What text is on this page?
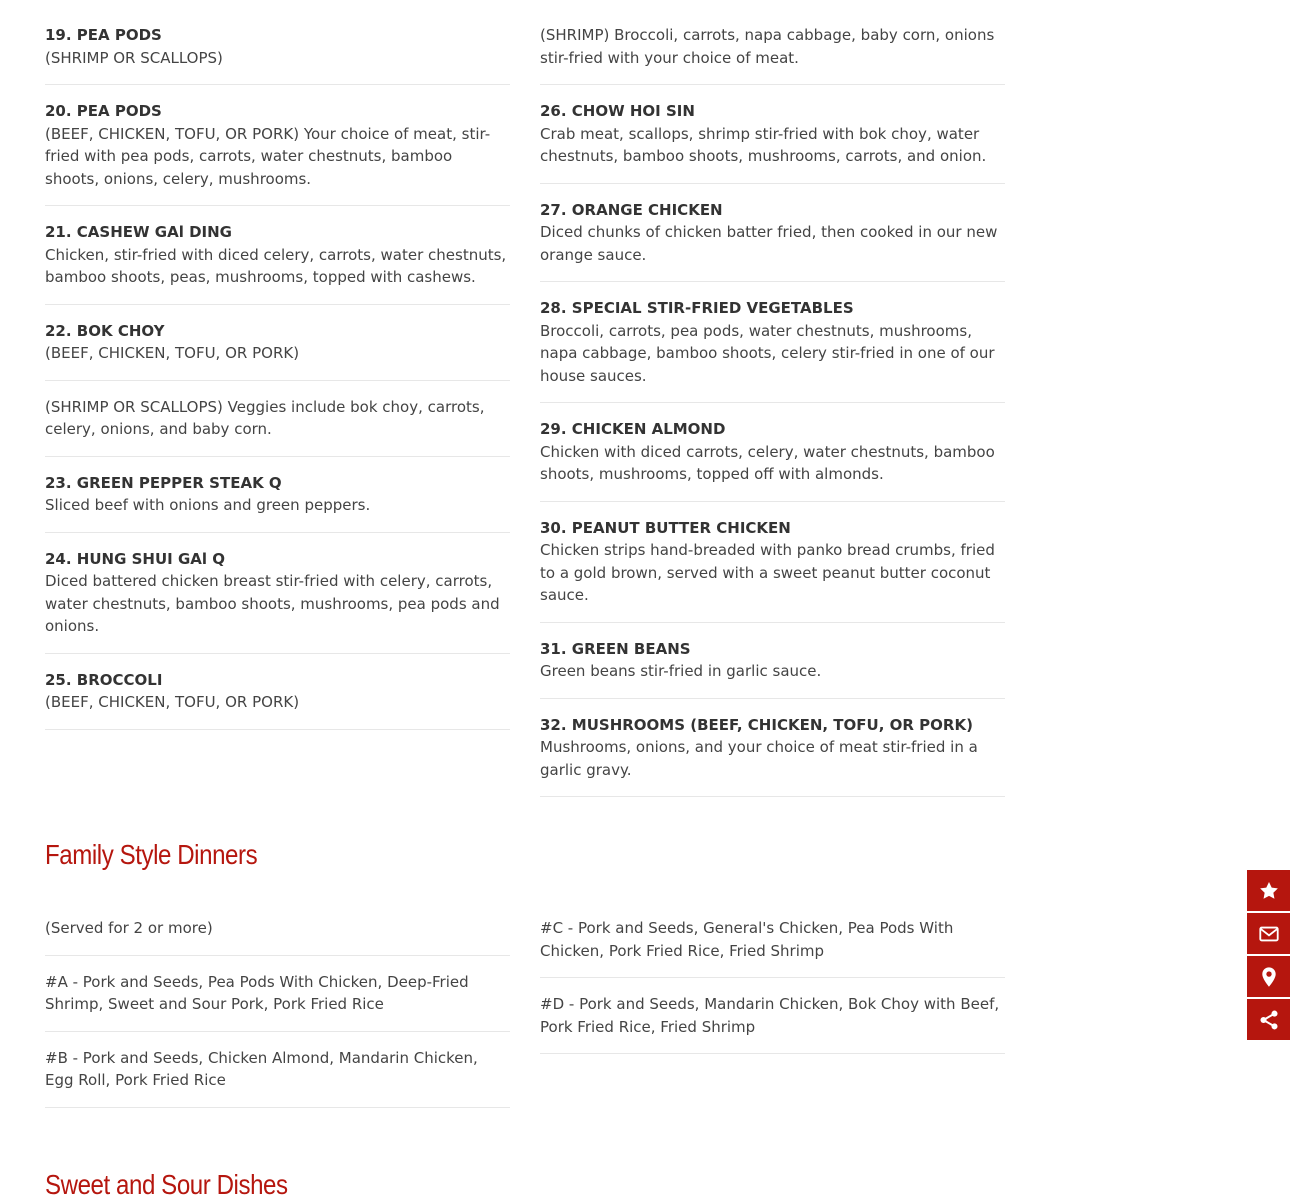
19. PEA PODS
(SHRIMP OR SCALLOPS)
20. PEA PODS
(BEEF, CHICKEN, TOFU, OR PORK) Your choice of meat, stir-fried with pea pods, carrots, water chestnuts, bamboo shoots, onions, celery, mushrooms.
21. CASHEW GAl DING
Chicken, stir-fried with diced celery, carrots, water chestnuts, bamboo shoots, peas, mushrooms, topped with cashews.
22. BOK CHOY
(BEEF, CHICKEN, TOFU, OR PORK)
(SHRIMP OR SCALLOPS) Veggies include bok choy, carrots, celery, onions, and baby corn.
23. GREEN PEPPER STEAK Q
Sliced beef with onions and green peppers.
24. HUNG SHUI GAl Q
Diced battered chicken breast stir-fried with celery, carrots, water chestnuts, bamboo shoots, mushrooms, pea pods and onions.
25. BROCCOLI
(BEEF, CHICKEN, TOFU, OR PORK)
(SHRIMP) Broccoli, carrots, napa cabbage, baby corn, onions stir-fried with your choice of meat.
26. CHOW HOI SIN
Crab meat, scallops, shrimp stir-fried with bok choy, water chestnuts, bamboo shoots, mushrooms, carrots, and onion.
27. ORANGE CHICKEN
Diced chunks of chicken batter fried, then cooked in our new orange sauce.
28. SPECIAL STIR-FRIED VEGETABLES
Broccoli, carrots, pea pods, water chestnuts, mushrooms, napa cabbage, bamboo shoots, celery stir-fried in one of our house sauces.
29. CHICKEN ALMOND
Chicken with diced carrots, celery, water chestnuts, bamboo shoots, mushrooms, topped off with almonds.
30. PEANUT BUTTER CHICKEN
Chicken strips hand-breaded with panko bread crumbs, fried to a gold brown, served with a sweet peanut butter coconut sauce.
31. GREEN BEANS
Green beans stir-fried in garlic sauce.
32. MUSHROOMS (BEEF, CHICKEN, TOFU, OR PORK)
Mushrooms, onions, and your choice of meat stir-fried in a garlic gravy.
Family Style Dinners
(Served for 2 or more)
#A - Pork and Seeds, Pea Pods With Chicken, Deep-Fried Shrimp, Sweet and Sour Pork, Pork Fried Rice
#B - Pork and Seeds, Chicken Almond, Mandarin Chicken, Egg Roll, Pork Fried Rice
#C - Pork and Seeds, General's Chicken, Pea Pods With Chicken, Pork Fried Rice, Fried Shrimp
#D - Pork and Seeds, Mandarin Chicken, Bok Choy with Beef, Pork Fried Rice, Fried Shrimp
Sweet and Sour Dishes
